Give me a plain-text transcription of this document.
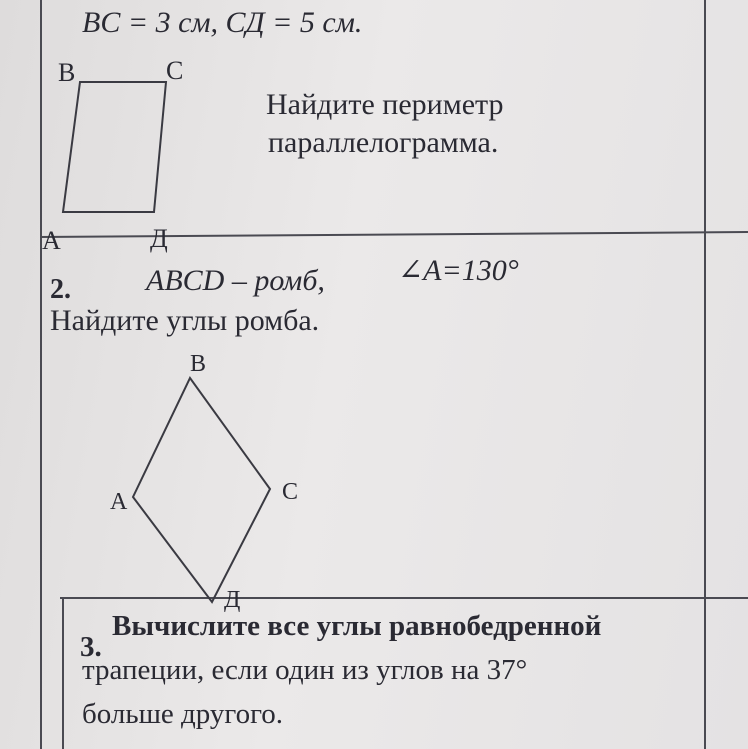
BC = 3 см, СД = 5 см.
B	C
A	Д
Найдите периметр
параллелограмма.
2.	ABCD – ромб, ∠A=130°
Найдите углы ромба.
B
A	C
Д
3.
Вычислите все углы равнобедренной
трапеции, если один из углов на 37°
больше другого.
